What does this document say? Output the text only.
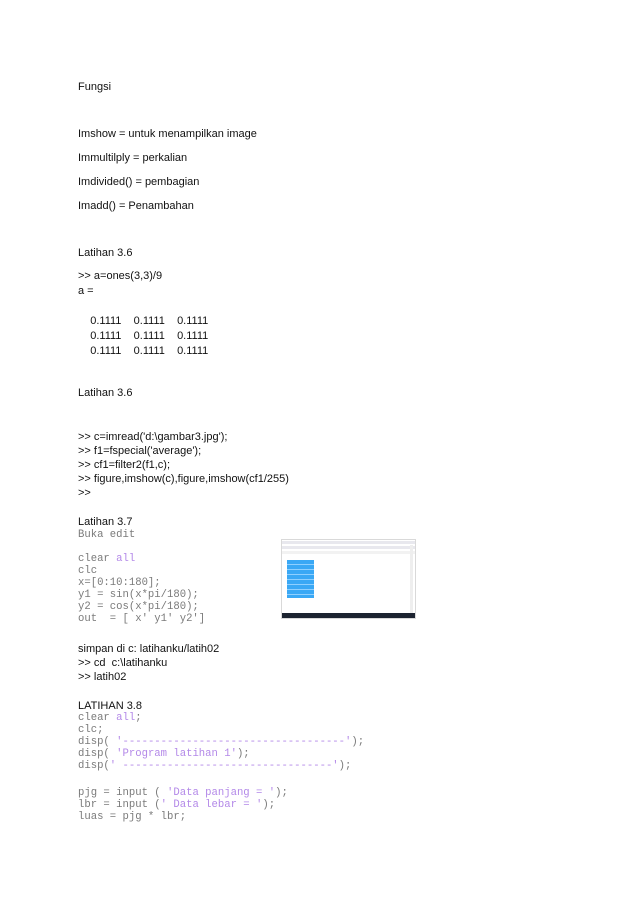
Fungsi
Imshow = untuk menampilkan image
Immultilply = perkalian
Imdivided() = pembagian
Imadd() = Penambahan
Latihan 3.6
>> a=ones(3,3)/9
a =
0.1111    0.1111    0.1111
0.1111    0.1111    0.1111
0.1111    0.1111    0.1111
Latihan 3.6
>> c=imread('d:\gambar3.jpg');
>> f1=fspecial('average');
>> cf1=filter2(f1,c);
>> figure,imshow(c),figure,imshow(cf1/255)
>>
Latihan 3.7
Buka edit
clear all
clc
x=[0:10:180];
y1 = sin(x*pi/180);
y2 = cos(x*pi/180);
out  = [ x' y1' y2']
simpan di c: latihanku/latih02
>> cd  c:\latihanku
>> latih02
LATIHAN 3.8
clear all;
clc;
disp( '-----------------------------------');
disp( 'Program latihan 1');
disp(' ---------------------------------');
pjg = input ( 'Data panjang = ');
lbr = input (' Data lebar = ');
luas = pjg * lbr;
